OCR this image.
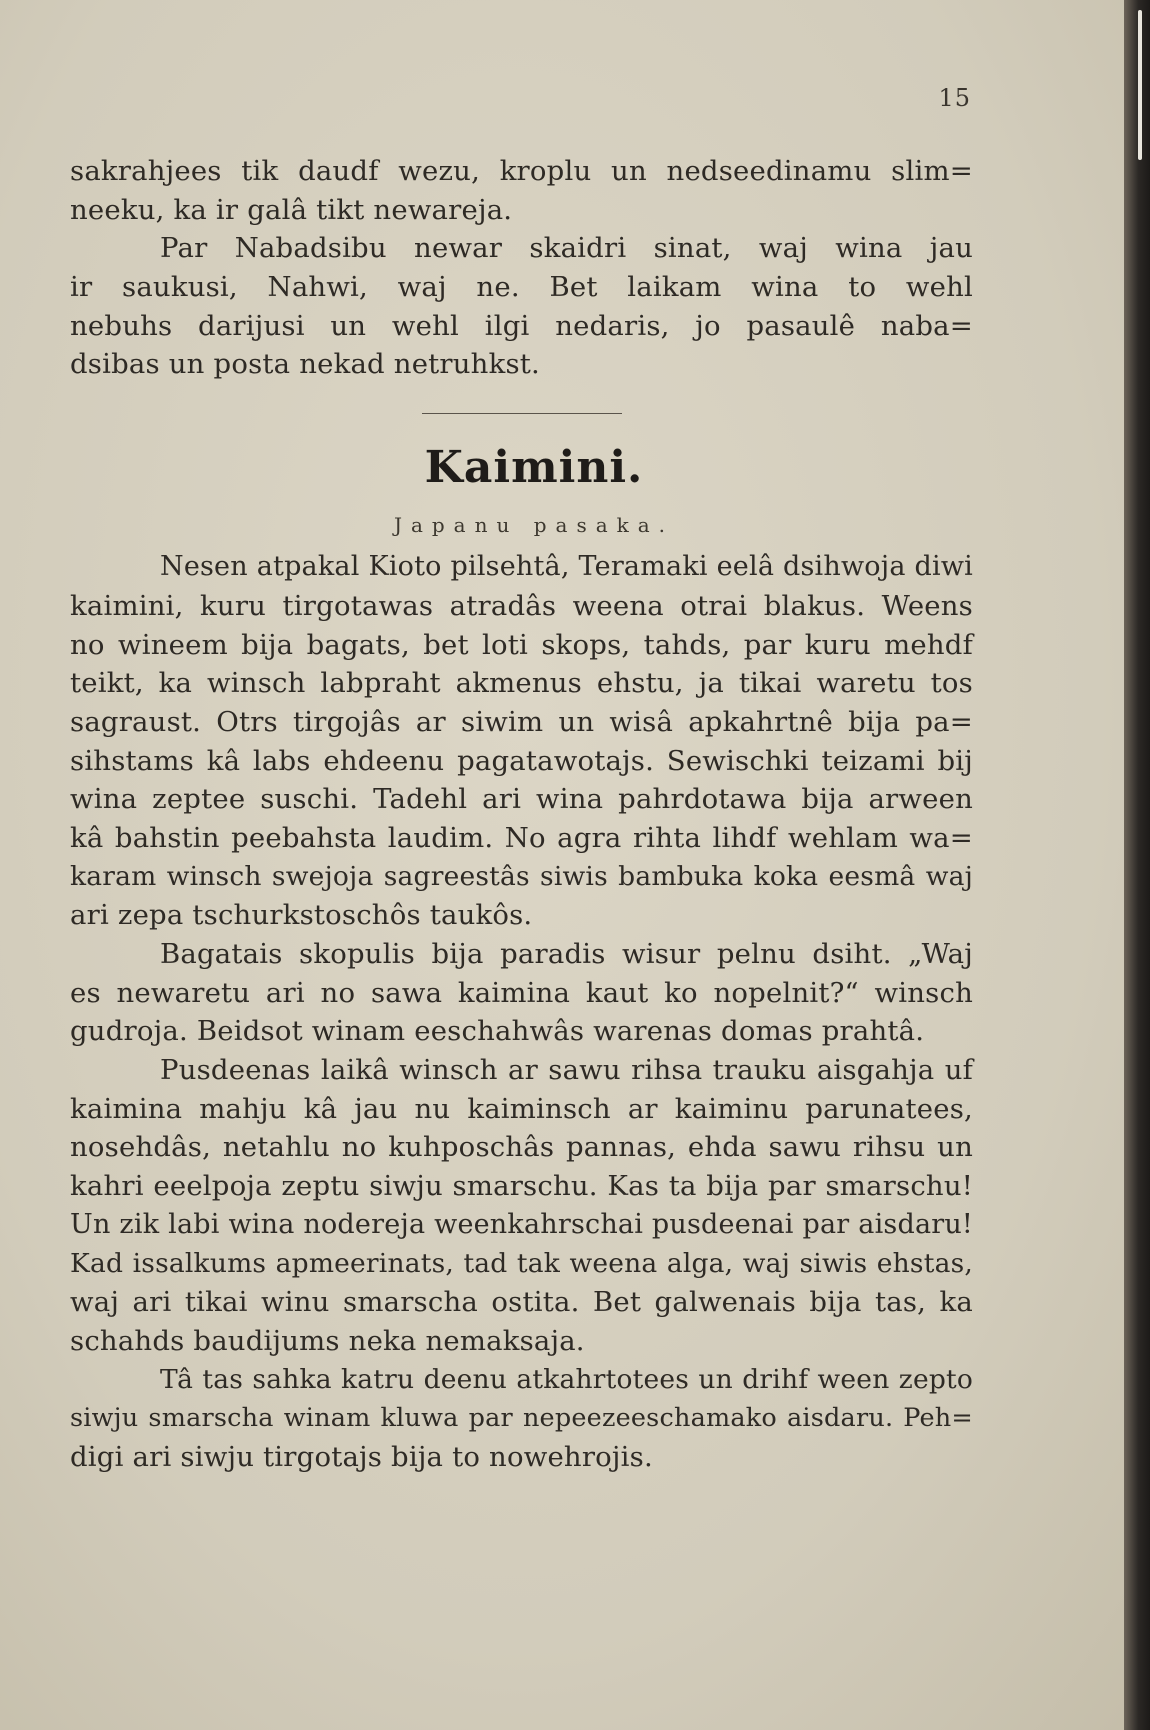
15
sakrahjees tik daudf wezu, kroplu un nedseedinamu slim=
neeku, ka ir galâ tikt newareja.
Par Nabadsibu newar skaidri sinat, waj wina jau
ir saukusi, Nahwi, waj ne. Bet laikam wina to wehl
nebuhs darijusi un wehl ilgi nedaris, jo pasaulê naba=
dsibas un posta nekad netruhkst.
Kaimini.
Japanu pasaka.
Nesen atpakal Kioto pilsehtâ, Teramaki eelâ dsihwoja diwi
kaimini, kuru tirgotawas atradâs weena otrai blakus. Weens
no wineem bija bagats, bet loti skops, tahds, par kuru mehdf
teikt, ka winsch labpraht akmenus ehstu, ja tikai waretu tos
sagraust. Otrs tirgojâs ar siwim un wisâ apkahrtnê bija pa=
sihstams kâ labs ehdeenu pagatawotajs. Sewischki teizami bij
wina zeptee suschi. Tadehl ari wina pahrdotawa bija arween
kâ bahstin peebahsta laudim. No agra rihta lihdf wehlam wa=
karam winsch swejoja sagreestâs siwis bambuka koka eesmâ waj
ari zepa tschurkstoschôs taukôs.
Bagatais skopulis bija paradis wisur pelnu dsiht. „Waj
es newaretu ari no sawa kaimina kaut ko nopelnit?“ winsch
gudroja. Beidsot winam eeschahwâs warenas domas prahtâ.
Pusdeenas laikâ winsch ar sawu rihsa trauku aisgahja uf
kaimina mahju kâ jau nu kaiminsch ar kaiminu parunatees,
nosehdâs, netahlu no kuhposchâs pannas, ehda sawu rihsu un
kahri eeelpoja zeptu siwju smarschu. Kas ta bija par smarschu!
Un zik labi wina nodereja weenkahrschai pusdeenai par aisdaru!
Kad issalkums apmeerinats, tad tak weena alga, waj siwis ehstas,
waj ari tikai winu smarscha ostita. Bet galwenais bija tas, ka
schahds baudijums neka nemaksaja.
Tâ tas sahka katru deenu atkahrtotees un drihf ween zepto
siwju smarscha winam kluwa par nepeezeeschamako aisdaru. Peh=
digi ari siwju tirgotajs bija to nowehrojis.
